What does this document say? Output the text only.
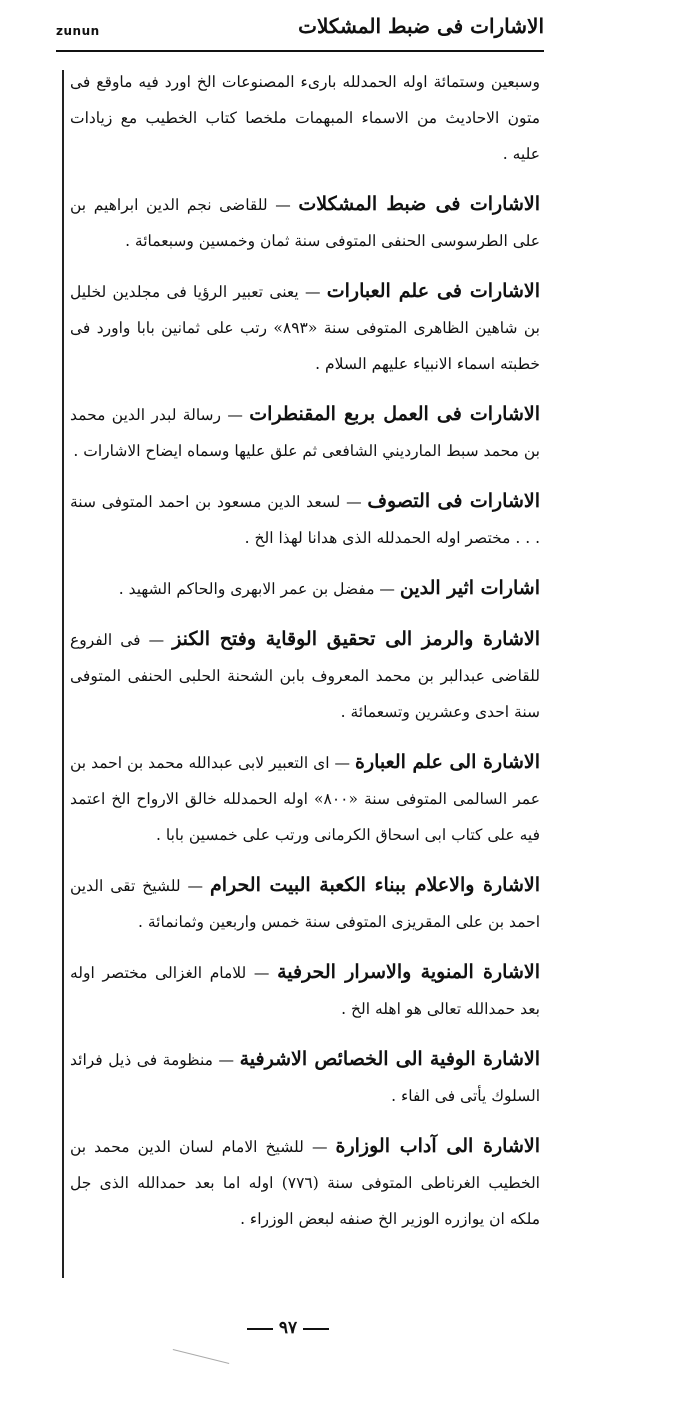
الاشارات فى ضبط المشكلات
zunun

وسبعين وستمائة اوله الحمدلله بارىء المصنوعات الخ اورد فيه ماوقع فى متون الاحاديث من الاسماء المبهمات ملخصا كتاب الخطيب مع زيادات عليه .

الاشارات فى ضبط المشكلات — للقاضى نجم الدين ابراهيم بن على الطرسوسى الحنفى المتوفى سنة ثمان وخمسين وسبعمائة .

الاشارات فى علم العبارات — يعنى تعبير الرؤيا فى مجلدين لخليل بن شاهين الظاهرى المتوفى سنة «٨٩٣» رتب على ثمانين بابا واورد فى خطبته اسماء الانبياء عليهم السلام .

الاشارات فى العمل بربع المقنطرات — رسالة لبدر الدين محمد بن محمد سبط المارديني الشافعى ثم علق عليها وسماه ايضاح الاشارات .

الاشارات فى التصوف — لسعد الدين مسعود بن احمد المتوفى سنة . . . مختصر اوله الحمدلله الذى هدانا لهذا الخ .

اشارات اثير الدين — مفضل بن عمر الابهرى والحاكم الشهيد .

الاشارة والرمز الى تحقيق الوقاية وفتح الكنز — فى الفروع للقاضى عبدالبر بن محمد المعروف بابن الشحنة الحلبى الحنفى المتوفى سنة احدى وعشرين وتسعمائة .

الاشارة الى علم العبارة — اى التعبير لابى عبدالله محمد بن احمد بن عمر السالمى المتوفى سنة «٨٠٠» اوله الحمدلله خالق الارواح الخ اعتمد فيه على كتاب ابى اسحاق الكرمانى ورتب على خمسين بابا .

الاشارة والاعلام ببناء الكعبة البيت الحرام — للشيخ تقى الدين احمد بن على المقريزى المتوفى سنة خمس واربعين وثمانمائة .

الاشارة المنوية والاسرار الحرفية — للامام الغزالى مختصر اوله بعد حمدالله تعالى هو اهله الخ .

الاشارة الوفية الى الخصائص الاشرفية — منظومة فى ذيل فرائد السلوك يأتى فى الفاء .

الاشارة الى آداب الوزارة — للشيخ الامام لسان الدين محمد بن الخطيب الغرناطى المتوفى سنة (٧٧٦) اوله اما بعد حمدالله الذى جل ملكه ان يوازره الوزير الخ صنفه لبعض الوزراء .

٩٧
